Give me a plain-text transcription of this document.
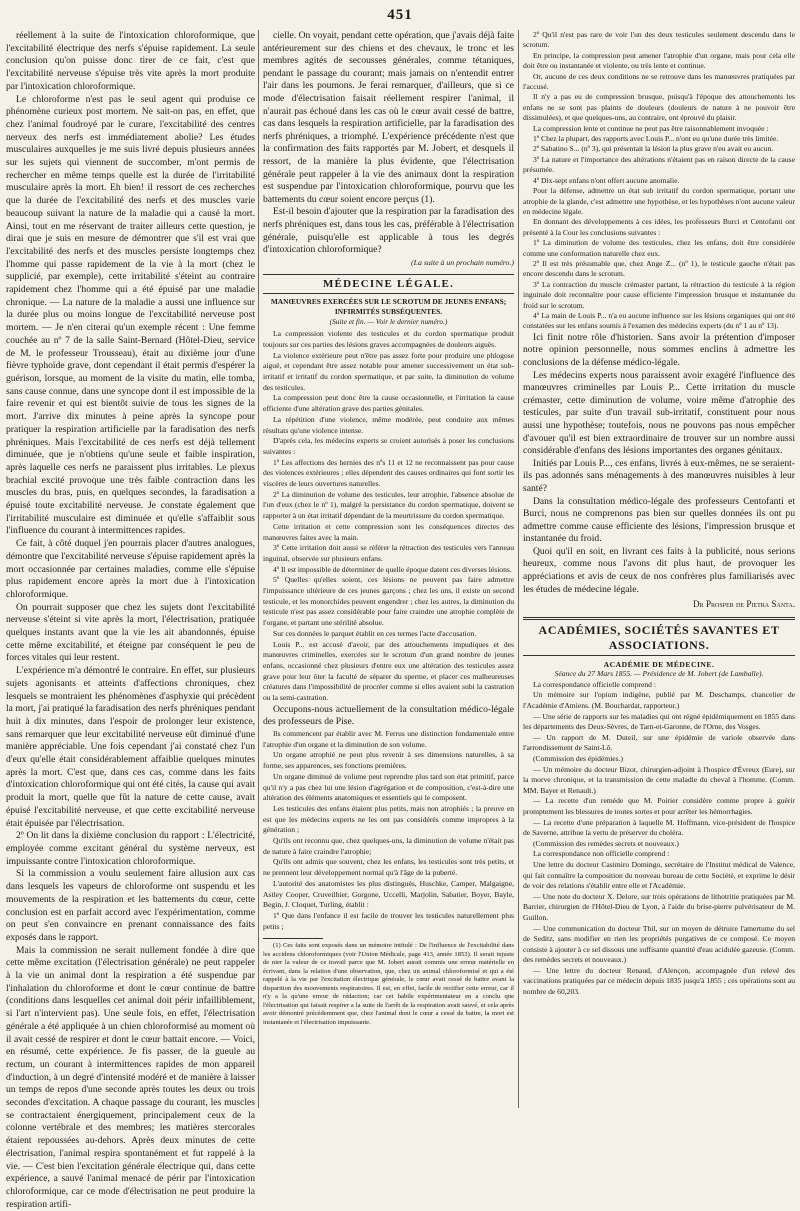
451

réellement à la suite de l'intoxication chloroformique, que l'excitabilité électrique des nerfs s'épuise rapidement. La seule conclusion qu'on puisse donc tirer de ce fait, c'est que l'excitabilité nerveuse s'épuise très vite après la mort produite par l'intoxication chloroformique.

Le chloroforme n'est pas le seul agent qui produise ce phénomène curieux post mortem. Ne sait-on pas, en effet, que chez l'animal foudroyé par le curare, l'excitabilité des centres nerveux des nerfs est immédiatement abolie? Les études musculaires auxquelles je me suis livré depuis plusieurs années sur les sujets qui viennent de succomber, m'ont permis de rechercher en même temps quelle est la durée de l'irritabilité musculaire après la mort. Eh bien! il ressort de ces recherches que la durée de l'excitabilité des nerfs et des muscles varie beaucoup suivant la nature de la maladie qui a causé la mort. Ainsi, tout en me réservant de traiter ailleurs cette question, je dirai que je suis en mesure de démontrer que s'il est vrai que l'excitabilité des nerfs et des muscles persiste longtemps chez l'homme qui passe rapidement de la vie à la mort (chez le supplicié, par exemple), cette irritabilité s'éteint au contraire rapidement chez l'homme qui a été épuisé par une maladie chronique. — La nature de la maladie a aussi une influence sur la durée plus ou moins longue de l'excitabilité nerveuse post mortem. — Je n'en citerai qu'un exemple récent : Une femme couchée au nº 7 de la salle Saint-Bernard (Hôtel-Dieu, service de M. le professeur Trousseau), était au dixième jour d'une fièvre typhoïde grave, dont cependant il était permis d'espérer la guérison, lorsque, au moment de la visite du matin, elle tomba, sans cause connue, dans une syncope dont il est impossible de la faire revenir et qui est bientôt suivie de tous les signes de la mort. J'arrive dix minutes à peine après la syncope pour pratiquer la respiration artificielle par la faradisation des nerfs phréniques. Mais l'excitabilité de ces nerfs est déjà tellement diminuée, que je n'obtiens qu'une seule et faible inspiration, après laquelle ces nerfs ne paraissent plus irritables. Le plexus brachial excité provoque une très faible contraction dans les muscles du bras, puis, en quelques secondes, la faradisation a épuisé toute excitabilité nerveuse. Je constate également que l'irritabilité musculaire est diminuée et qu'elle s'affaiblit sous l'influence du courant à intermittences rapides.

Ce fait, à côté duquel j'en pourrais placer d'autres analogues, démontre que l'excitabilité nerveuse s'épuise rapidement après la mort occasionnée par certaines maladies, comme elle s'épuise plus rapidement encore après la mort due à l'intoxication chloroformique.

On pourrait supposer que chez les sujets dont l'excitabilité nerveuse s'éteint si vite après la mort, l'électrisation, pratiquée quelques instants avant que la vie les ait abandonnés, épuise cette même excitabilité, et éteigne par conséquent le peu de forces vitales qui leur restent.

L'expérience m'a démontré le contraire. En effet, sur plusieurs sujets agonisants et atteints d'affections chroniques, chez lesquels se montraient les phénomènes d'asphyxie qui précèdent la mort, j'ai pratiqué la faradisation des nerfs phréniques pendant huit à dix minutes, dans l'espoir de prolonger leur existence, sans remarquer que leur excitabilité nerveuse eût diminué d'une manière appréciable. Une fois cependant j'ai constaté chez l'un d'eux qu'elle était considérablement affaiblie quelques minutes après la mort. C'est que, dans ces cas, comme dans les faits d'intoxication chloroformique qui ont été cités, la cause qui avait produit la mort, quelle que fût la nature de cette cause, avait épuisé l'excitabilité nerveuse, et que cette excitabilité nerveuse était épuisée par l'électrisation.

2º On lit dans la dixième conclusion du rapport : L'électricité, employée comme excitant général du système nerveux, est impuissante contre l'intoxication chloroformique.

Si la commission a voulu seulement faire allusion aux cas dans lesquels les vapeurs de chloroforme ont suspendu et les mouvements de la respiration et les battements du cœur, cette conclusion est en parfait accord avec l'expérimentation, comme on peut s'en convaincre en prenant connaissance des faits exposés dans le rapport.

Mais la commission ne serait nullement fondée à dire que cette même excitation (l'électrisation générale) ne peut rappeler à la vie un animal dont la respiration a été suspendue par l'inhalation du chloroforme et dont le cœur continue de battre (conditions dans lesquelles cet animal doit périr infailliblement, si l'art n'intervient pas). Une seule fois, en effet, l'électrisation générale a été appliquée à un chien chloroformisé au moment où il avait cessé de respirer et dont le cœur battait encore. — Voici, en résumé, cette expérience. Je fis passer, de la gueule au rectum, un courant à intermittences rapides de mon appareil d'induction, à un degré d'intensité modéré et de manière à laisser un temps de repos d'une seconde après toutes les deux ou trois secondes d'excitation. A chaque passage du courant, les muscles se contractaient énergiquement, principalement ceux de la colonne vertébrale et des membres; les matières stercorales étaient repoussées au-dehors. Après deux minutes de cette électrisation, l'animal respira spontanément et fut rappelé à la vie. — C'est bien l'excitation générale électrique qui, dans cette expérience, a sauvé l'animal menacé de périr par l'intoxication chloroformique, car ce mode d'électrisation ne peut produire la respiration artifi-

cielle. On voyait, pendant cette opération, que j'avais déjà faite antérieurement sur des chiens et des chevaux, le tronc et les membres agités de secousses générales, comme tétaniques, pendant le passage du courant; mais jamais on n'entendit entrer l'air dans les poumons. Je ferai remarquer, d'ailleurs, que si ce mode d'électrisation faisait réellement respirer l'animal, il n'aurait pas échoué dans les cas où le cœur avait cessé de battre, cas dans lesquels la respiration artificielle, par la faradisation des nerfs phréniques, a triomphé. L'expérience précédente n'est que la confirmation des faits rapportés par M. Jobert, et desquels il ressort, de la manière la plus évidente, que l'électrisation générale peut rappeler à la vie des animaux dont la respiration est suspendue par l'intoxication chloroformique, pourvu que les battements du cœur soient encore perçus (1).

Est-il besoin d'ajouter que la respiration par la faradisation des nerfs phréniques est, dans tous les cas, préférable à l'électrisation générale, puisqu'elle est applicable à tous les degrés d'intoxication chloroformique?

(La suite à un prochain numéro.)

MÉDECINE LÉGALE.
MANŒUVRES EXERCÉES SUR LE SCROTUM DE JEUNES ENFANS; INFIRMITÉS SUBSÉQUENTES.
(Suite et fin. — Voir le dernier numéro.)

La compression violente des testicules et du cordon spermatique produit toujours sur ces parties des lésions graves accompagnées de douleurs aiguës.

La violence extérieure peut n'être pas assez forte pour produire une phlogose aiguë, et cependant être assez notable pour amener successivement un état sub-irritatif et irritatif du cordon spermatique, et par suite, la diminution de volume des testicules.

La compression peut donc être la cause occasionnelle, et l'irritation la cause efficiente d'une altération grave des parties génitales.

La répétition d'une violence, même modérée, peut conduire aux mêmes résultats qu'une violence intense.

D'après cela, les médecins experts se croient autorisés à poser les conclusions suivantes :

1º Les affections des hernies des nºs 11 et 12 ne reconnaissent pas pour cause des violences extérieures ; elles dépendent des causes ordinaires qui font sortir les viscères de leurs ouvertures naturelles.

2º La diminution de volume des testicules, leur atrophie, l'absence absolue de l'un d'eux (chez le nº 1), malgré la persistance du cordon spermatique, doivent se rapporter à un état irritatif dépendant de la meurtrissure du cordon spermatique.

Cette irritation et cette compression sont les conséquences directes des manœuvres faites avec la main.

3º Cette irritation doit aussi se référer la rétraction des testicules vers l'anneau inguinal, observée sur plusieurs enfans.

4º Il est impossible de déterminer de quelle époque datent ces diverses lésions.

5º Quelles qu'elles soient, ces lésions ne peuvent pas faire admettre l'impuissance ultérieure de ces jeunes garçons ; chez les uns, il existe un second testicule, et les monorchides peuvent engendrer ; chez les autres, la diminution du testicule n'est pas assez considérable pour faire craindre une atrophie complète de l'organe, et partant une stérilité absolue.

Sur ces données le parquet établit en ces termes l'acte d'accusation.

Louis P... est accusé d'avoir, par des attouchements impudiques et des manœuvres criminelles, exercées sur le scrotum d'un grand nombre de jeunes enfans, occasionné chez plusieurs d'entre eux une altération des testicules assez grave pour leur ôter la faculté de séparer du sperme, et placer ces malheureuses créatures dans l'impossibilité de procréer comme si elles avaient subi la castration ou la semi-castration.

Occupons-nous actuellement de la consultation médico-légale des professeurs de Pise.

Ils commencent par établir avec M. Ferrus une distinction fondamentale entre l'atrophie d'un organe et la diminution de son volume.

Un organe atrophié ne peut plus revenir à ses dimensions naturelles, à sa forme, ses apparences, ses fonctions premières.

Un organe diminué de volume peut reprendre plus tard son état primitif, parce qu'il n'y a pas chez lui une lésion d'agrégation et de composition, c'est-à-dire une altération des éléments anatomiques et essentiels qui le composent.

Les testicules des enfans étaient plus petits, mais non atrophiés ; la preuve en est que les médecins experts ne les ont pas considérés comme impropres à la génération ;

Qu'ils ont reconnu que, chez quelques-uns, la diminution de volume n'était pas de nature à faire craindre l'atrophie;

Qu'ils ont admis que souvent, chez les enfans, les testicules sont très petits, et ne prennent leur développement normal qu'à l'âge de la puberté.

L'autorité des anatomistes les plus distingués, Huschke, Camper, Malgaigne, Astley Cooper, Cruveilhier, Gorgone, Uccelli, Marjolin, Sabatier, Boyer, Bayle, Begin, J. Cloquet, Turling, établit :

1º Que dans l'enfance il est facile de trouver les testicules naturellement plus petits ;

(1) Ces faits sont exposés dans un mémoire intitulé : De l'influence de l'excitabilité dans les accidens chloroformiques (voir l'Union Médicale, page 413, année 1853). Il serait injuste de nier la valeur de ce travail parce que M. Jobert aurait commis une erreur matérielle en écrivant, dans la relation d'une observation, que, chez un animal chloroformisé et qui a été rappelé à la vie par l'excitation électrique générale, le cœur avait cessé de battre avant la disparition des mouvements respiratoires. Il est, en effet, facile de rectifier cette erreur, car il n'y a la qu'une erreur de rédaction; car cet habile expérimentateur en a conclu que l'électrisation qui faisait respirer a la suite de l'arrêt de la respiration avait sauvé, et cela après avoir démontré précédemment que, chez l'animal dont le cœur a cessé de battre, la mort est instantanée et l'électrisation impuissante.

2º Qu'il n'est pas rare de voir l'un des deux testicules seulement descendu dans le scrotum.

En principe, la compression peut amener l'atrophie d'un organe, mais pour cela elle doit être ou instantanée et violente, ou très lente et continue.

Or, aucune de ces deux conditions ne se retrouve dans les manœuvres pratiquées par l'accusé.

Il n'y a pas eu de compression brusque, puisqu'à l'époque des attouchements les enfans ne se sont pas plaints de douleurs (douleurs de nature à ne pouvoir être dissimulées), et que quelques-uns, au contraire, ont éprouvé du plaisir.

La compression lente et continue ne peut pas être raisonnablement invoquée :

1º Chez la plupart, des rapports avec Louis P... n'ont eu qu'une durée très limitée.

2º Sabatino S... (nº 3), qui présentait la lésion la plus grave n'eu avait eu aucun.

3º La nature et l'importance des altérations n'étaient pas en raison directe de la cause présumée.

4º Dix-sept enfans n'ont offert aucune anomalie.

Pour la défense, admettre un état sub irritatif du cordon spermatique, portant une atrophie de la glande, c'est admettre une hypothèse, et les hypothèses n'ont aucune valeur en médecine légale.

En donnant des développements à ces idées, les professeurs Burci et Centofanti ont présenté à la Cour les conclusions suivantes :

1º La diminution de volume des testicules, chez les enfans, doit être considérée comme une conformation naturelle chez eux.

2º Il est très présumable que, chez Ange Z... (nº 1), le testicule gauche n'était pas encore descendu dans le scrotum.

3º La contraction du muscle crémaster partant, la rétraction du testicule à la région inguinale doit reconnaître pour cause efficiente l'impression brusque et instantanée du froid sur le scrotum.

4º La main de Louis P... n'a eu aucune influence sur les lésions organiques qui ont été constatées sur les enfans soumis à l'examen des médecins experts (du nº 1 au nº 13).

Ici finit notre rôle d'historien. Sans avoir la prétention d'imposer notre opinion personnelle, nous sommes enclins à admettre les conclusions de la défense médico-légale.

Les médecins experts nous paraissent avoir exagéré l'influence des manœuvres criminelles par Louis P... Cette irritation du muscle crémaster, cette diminution de volume, voire même d'atrophie des testicules, par suite d'un travail sub-irritatif, constituent pour nous aussi une hypothèse; toutefois, nous ne pouvons pas nous empêcher d'avouer qu'il est bien extraordinaire de trouver sur un nombre aussi considérable d'enfans des lésions importantes des organes génitaux.

Initiés par Louis P..., ces enfans, livrés à eux-mêmes, ne se seraient-ils pas adonnés sans ménagements à des manœuvres nuisibles à leur santé?

Dans la consultation médico-légale des professeurs Centofanti et Burci, nous ne comprenons pas bien sur quelles données ils ont pu admettre comme cause efficiente des lésions, l'impression brusque et instantanée du froid.

Quoi qu'il en soit, en livrant ces faits à la publicité, nous serions heureux, comme nous l'avons dit plus haut, de provoquer les appréciations et avis de ceux de nos confrères plus familiarisés avec les études de médecine légale.

Dr Prosper de Pietra Santa.

ACADÉMIES, SOCIÉTÉS SAVANTES ET ASSOCIATIONS.
ACADÉMIE DE MÉDECINE.
Séance du 27 Mars 1855. — Présidence de M. Jobert (de Lamballe).

La correspondance officielle comprend :

Un mémoire sur l'opium indigène, publié par M. Deschamps, chancelier de l'Académie d'Amiens. (M. Bouchardat, rapporteur.)

— Une série de rapports sur les maladies qui ont régné épidémiquement en 1855 dans les départements des Deux-Sèvres, de Tarn-et-Garonne, de l'Orne, des Vosges.

— Un rapport de M. Duteil, sur une épidémie de variole observée dans l'arrondissement de Saint-Lô.

(Commission des épidémies.)

— Un mémoire du docteur Bizot, chirurgien-adjoint à l'hospice d'Évreux (Eure), sur la morve chronique, et la transmission de cette maladie du cheval à l'homme. (Comm. MM. Bayer et Renault.)

— La recette d'un remède que M. Poirier considère comme propre à guérir promptement les blessures de toutes sortes et pour arrêter les hémorrhagies.

— La recette d'une préparation à laquelle M. Hoffmann, vice-président de l'hospice de Saverne, attribue la vertu de préserver du choléra.

(Commission des remèdes secrets et nouveaux.)

La correspondance non officielle comprend :

Une lettre du docteur Casimiro Domingo, secrétaire de l'Institut médical de Valence, qui fait connaître la composition du nouveau bureau de cette Société, et exprime le désir de voir des relations s'établir entre elle et l'Académie.

— Une note du docteur X. Delore, sur trois opérations de lithotritie pratiquées par M. Barrier, chirurgien de l'Hôtel-Dieu de Lyon, à l'aide du brise-pierre pulvérisateur de M. Guillon.

— Une communication du docteur Thil, sur un moyen de détruire l'amertume du sel de Seditz, sans modifier en rien les propriétés purgatives de ce composé. Ce moyen consiste à ajouter à ce sel dissous une suffisante quantité d'eau acidulée gazeuse. (Comm. des remèdes secrets et nouveaux.)

— Une lettre du docteur Renaud, d'Alençon, accompagnée d'un relevé des vaccinations pratiquées par ce médecin depuis 1835 jusqu'à 1855 ; ces opérations sont au nombre de 60,203.
